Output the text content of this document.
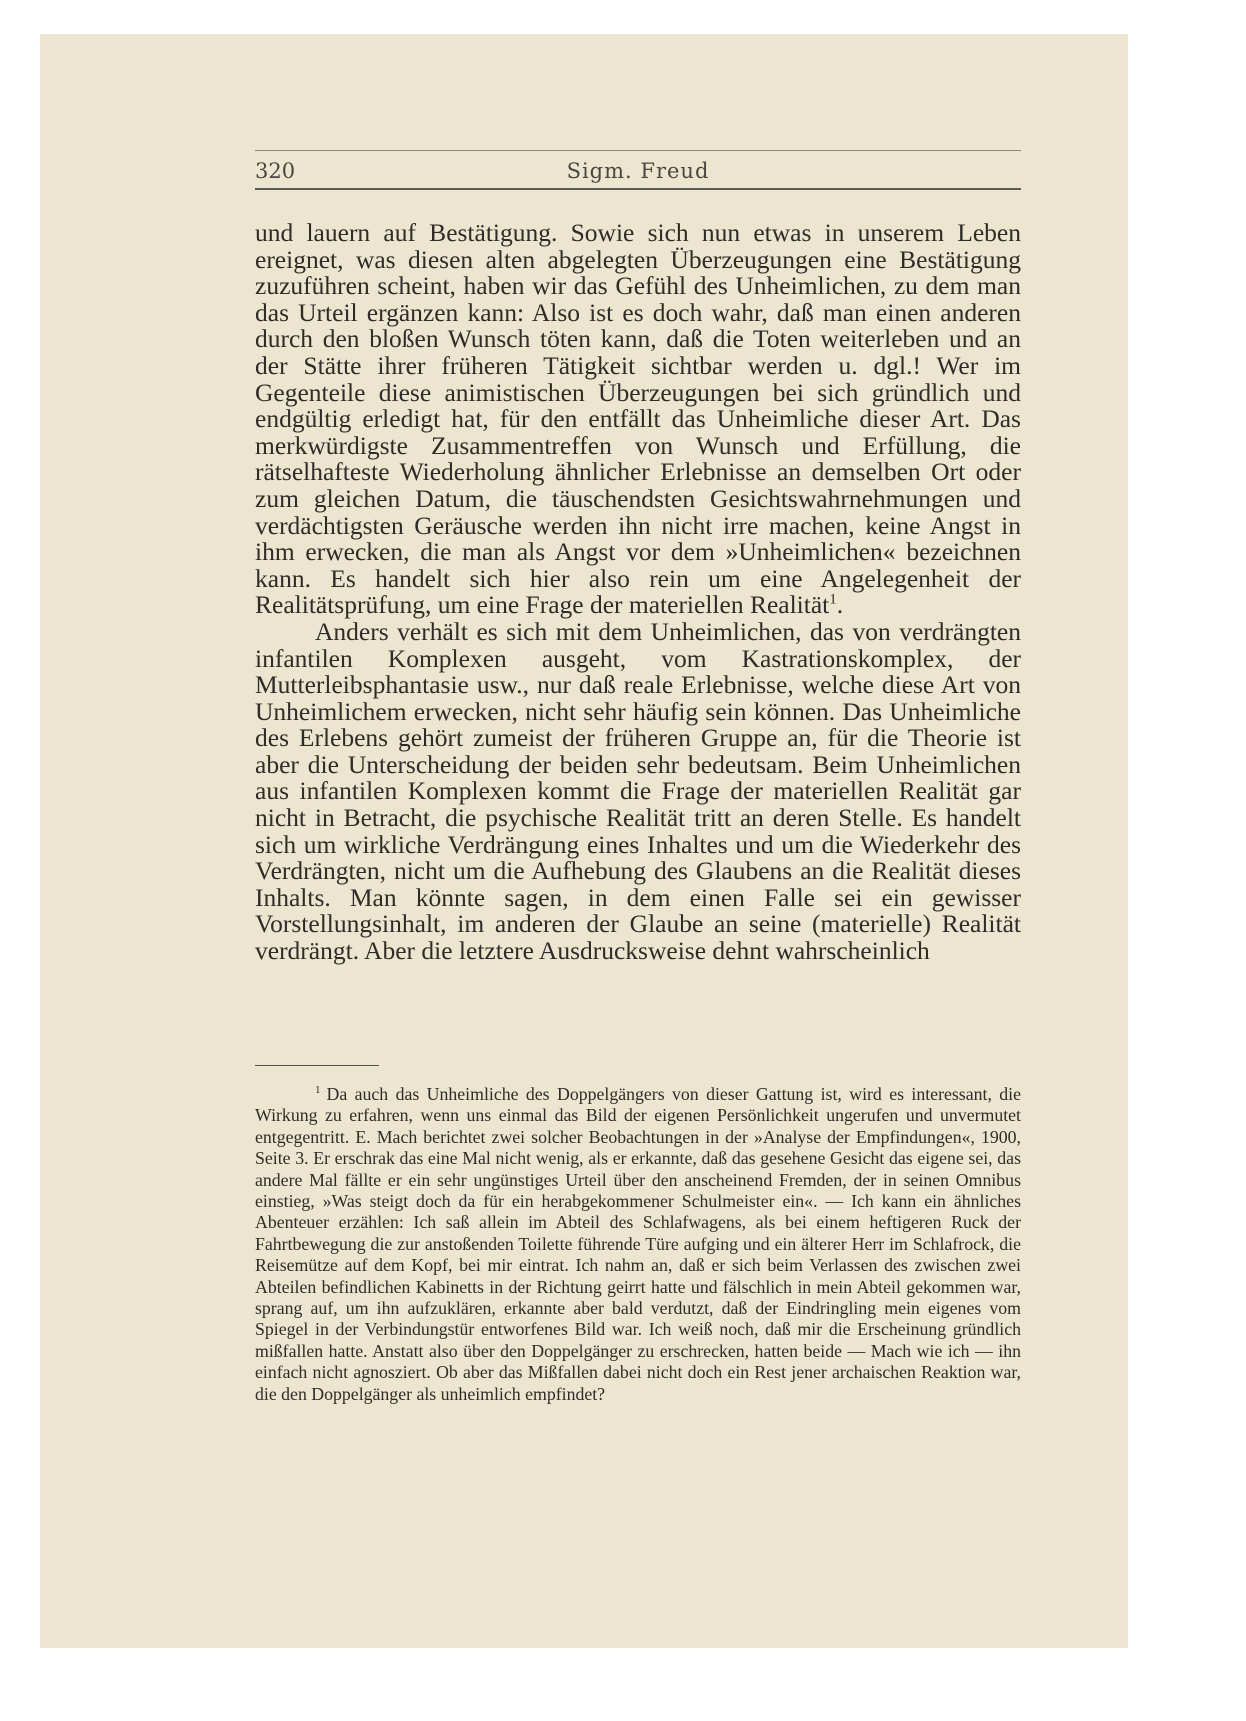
320	Sigm. Freud

und lauern auf Bestätigung. Sowie sich nun etwas in unserem Leben ereignet, was diesen alten abgelegten Überzeugungen eine Bestätigung zuzuführen scheint, haben wir das Gefühl des Unheimlichen, zu dem man das Urteil ergänzen kann: Also ist es doch wahr, daß man einen anderen durch den bloßen Wunsch töten kann, daß die Toten weiterleben und an der Stätte ihrer früheren Tätigkeit sichtbar werden u. dgl.! Wer im Gegenteile diese animistischen Überzeugungen bei sich gründlich und endgültig erledigt hat, für den entfällt das Unheimliche dieser Art. Das merkwürdigste Zusammentreffen von Wunsch und Erfüllung, die rätselhafteste Wiederholung ähnlicher Erlebnisse an demselben Ort oder zum gleichen Datum, die täuschendsten Gesichtswahrnehmungen und verdächtigsten Geräusche werden ihn nicht irre machen, keine Angst in ihm erwecken, die man als Angst vor dem »Unheimlichen« bezeichnen kann. Es handelt sich hier also rein um eine Angelegenheit der Realitätsprüfung, um eine Frage der materiellen Realität$^1$.

Anders verhält es sich mit dem Unheimlichen, das von verdrängten infantilen Komplexen ausgeht, vom Kastrationskomplex, der Mutterleibsphantasie usw., nur daß reale Erlebnisse, welche diese Art von Unheimlichem erwecken, nicht sehr häufig sein können. Das Unheimliche des Erlebens gehört zumeist der früheren Gruppe an, für die Theorie ist aber die Unterscheidung der beiden sehr bedeutsam. Beim Unheimlichen aus infantilen Komplexen kommt die Frage der materiellen Realität gar nicht in Betracht, die psychische Realität tritt an deren Stelle. Es handelt sich um wirkliche Verdrängung eines Inhaltes und um die Wiederkehr des Verdrängten, nicht um die Aufhebung des Glaubens an die Realität dieses Inhalts. Man könnte sagen, in dem einen Falle sei ein gewisser Vorstellungsinhalt, im anderen der Glaube an seine (materielle) Realität verdrängt. Aber die letztere Ausdrucksweise dehnt wahrscheinlich

$^1$ Da auch das Unheimliche des Doppelgängers von dieser Gattung ist, wird es interessant, die Wirkung zu erfahren, wenn uns einmal das Bild der eigenen Persönlichkeit ungerufen und unvermutet entgegentritt. E. Mach berichtet zwei solcher Beobachtungen in der »Analyse der Empfindungen«, 1900, Seite 3. Er erschrak das eine Mal nicht wenig, als er erkannte, daß das gesehene Gesicht das eigene sei, das andere Mal fällte er ein sehr ungünstiges Urteil über den anscheinend Fremden, der in seinen Omnibus einstieg, »Was steigt doch da für ein herabgekommener Schulmeister ein«. — Ich kann ein ähnliches Abenteuer erzählen: Ich saß allein im Abteil des Schlafwagens, als bei einem heftigeren Ruck der Fahrtbewegung die zur anstoßenden Toilette führende Türe aufging und ein älterer Herr im Schlafrock, die Reisemütze auf dem Kopf, bei mir eintrat. Ich nahm an, daß er sich beim Verlassen des zwischen zwei Abteilen befindlichen Kabinetts in der Richtung geirrt hatte und fälschlich in mein Abteil gekommen war, sprang auf, um ihn aufzuklären, erkannte aber bald verdutzt, daß der Eindringling mein eigenes vom Spiegel in der Verbindungstür entworfenes Bild war. Ich weiß noch, daß mir die Erscheinung gründlich mißfallen hatte. Anstatt also über den Doppelgänger zu erschrecken, hatten beide — Mach wie ich — ihn einfach nicht agnosziert. Ob aber das Mißfallen dabei nicht doch ein Rest jener archaischen Reaktion war, die den Doppelgänger als unheimlich empfindet?
